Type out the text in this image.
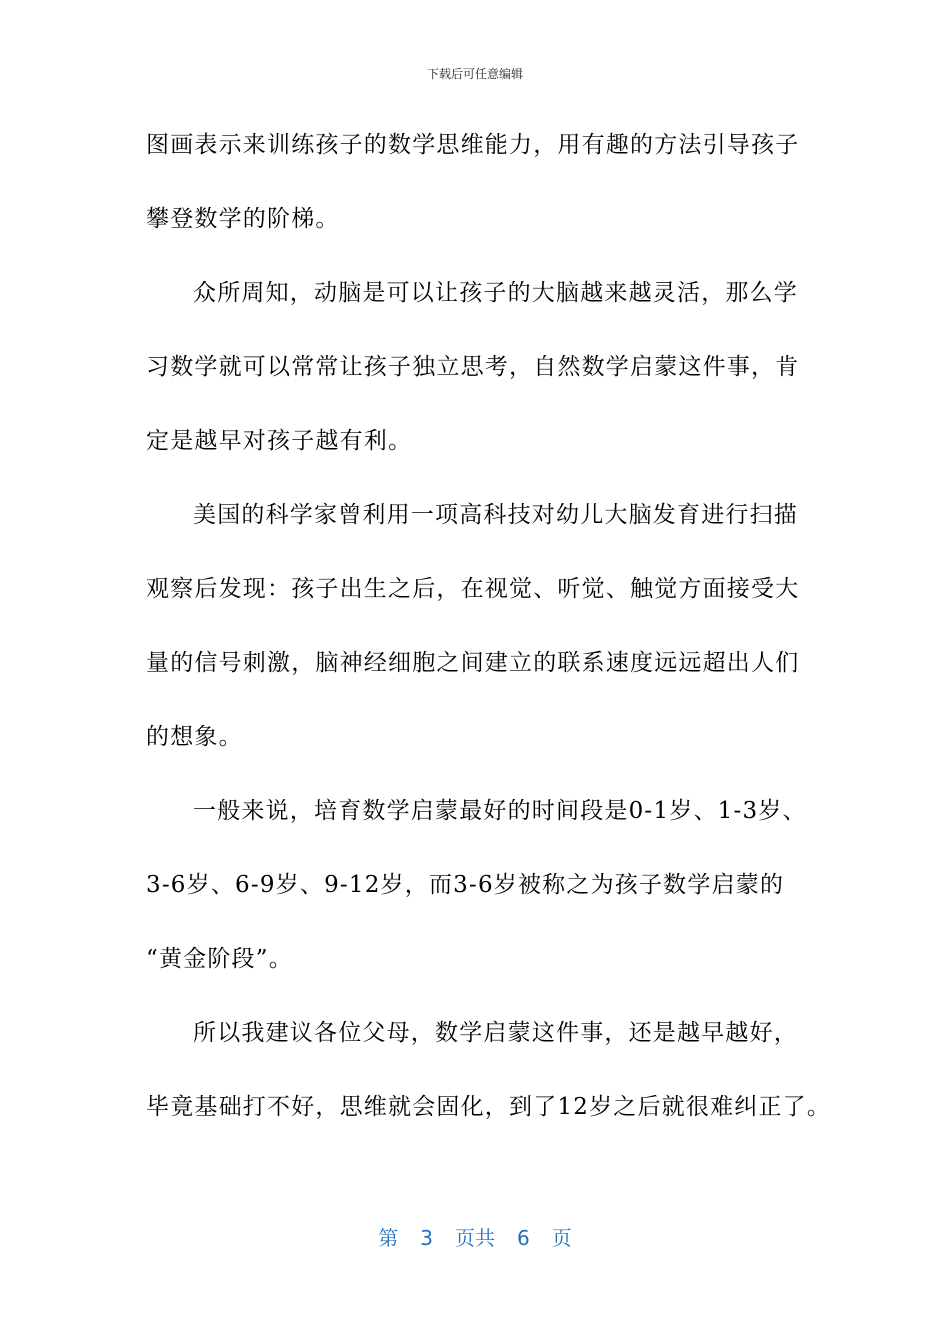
下载后可任意编辑
图画表示来训练孩子的数学思维能力，用有趣的方法引导孩子
攀登数学的阶梯。
众所周知，动脑是可以让孩子的大脑越来越灵活，那么学
习数学就可以常常让孩子独立思考，自然数学启蒙这件事，肯
定是越早对孩子越有利。
美国的科学家曾利用一项高科技对幼儿大脑发育进行扫描
观察后发现：孩子出生之后，在视觉、听觉、触觉方面接受大
量的信号刺激，脑神经细胞之间建立的联系速度远远超出人们
的想象。
一般来说，培育数学启蒙最好的时间段是0-1岁、1-3岁、
3-6岁、6-9岁、9-12岁，而3-6岁被称之为孩子数学启蒙的
“黄金阶段”。
所以我建议各位父母，数学启蒙这件事，还是越早越好，
毕竟基础打不好，思维就会固化，到了12岁之后就很难纠正了。
第 3 页共 6 页
